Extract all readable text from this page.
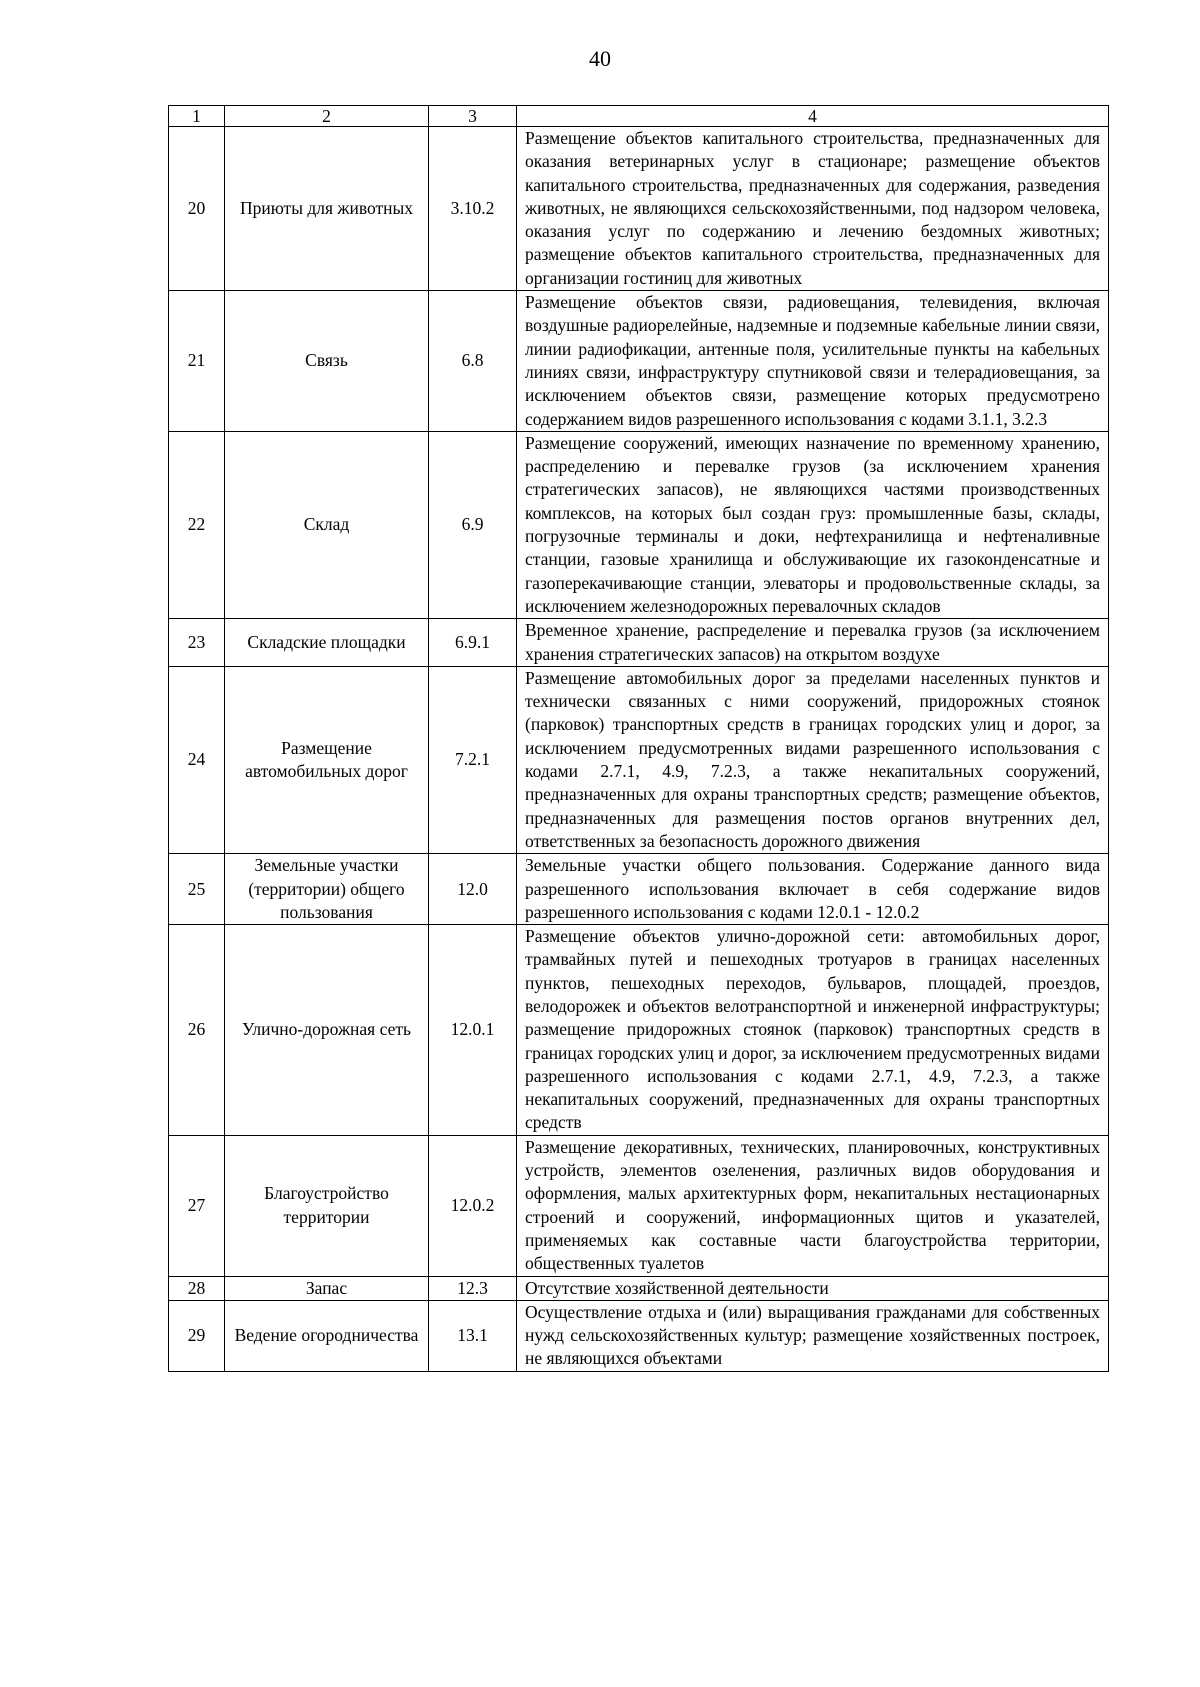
40
1	2	3	4
20	Приюты для животных	3.10.2	Размещение объектов капитального строительства, предназначенных для оказания ветеринарных услуг в стационаре; размещение объектов капитального строительства, предназначенных для содержания, разведения животных, не являющихся сельскохозяйственными, под надзором человека, оказания услуг по содержанию и лечению бездомных животных; размещение объектов капитального строительства, предназначенных для организации гостиниц для животных
21	Связь	6.8	Размещение объектов связи, радиовещания, телевидения, включая воздушные радиорелейные, надземные и подземные кабельные линии связи, линии радиофикации, антенные поля, усилительные пункты на кабельных линиях связи, инфраструктуру спутниковой связи и телерадиовещания, за исключением объектов связи, размещение которых предусмотрено содержанием видов разрешенного использования с кодами 3.1.1, 3.2.3
22	Склад	6.9	Размещение сооружений, имеющих назначение по временному хранению, распределению и перевалке грузов (за исключением хранения стратегических запасов), не являющихся частями производственных комплексов, на которых был создан груз: промышленные базы, склады, погрузочные терминалы и доки, нефтехранилища и нефтеналивные станции, газовые хранилища и обслуживающие их газоконденсатные и газоперекачивающие станции, элеваторы и продовольственные склады, за исключением железнодорожных перевалочных складов
23	Складские площадки	6.9.1	Временное хранение, распределение и перевалка грузов (за исключением хранения стратегических запасов) на открытом воздухе
24	Размещение автомобильных дорог	7.2.1	Размещение автомобильных дорог за пределами населенных пунктов и технически связанных с ними сооружений, придорожных стоянок (парковок) транспортных средств в границах городских улиц и дорог, за исключением предусмотренных видами разрешенного использования с кодами 2.7.1, 4.9, 7.2.3, а также некапитальных сооружений, предназначенных для охраны транспортных средств; размещение объектов, предназначенных для размещения постов органов внутренних дел, ответственных за безопасность дорожного движения
25	Земельные участки (территории) общего пользования	12.0	Земельные участки общего пользования. Содержание данного вида разрешенного использования включает в себя содержание видов разрешенного использования с кодами 12.0.1 - 12.0.2
26	Улично-дорожная сеть	12.0.1	Размещение объектов улично-дорожной сети: автомобильных дорог, трамвайных путей и пешеходных тротуаров в границах населенных пунктов, пешеходных переходов, бульваров, площадей, проездов, велодорожек и объектов велотранспортной и инженерной инфраструктуры; размещение придорожных стоянок (парковок) транспортных средств в границах городских улиц и дорог, за исключением предусмотренных видами разрешенного использования с кодами 2.7.1, 4.9, 7.2.3, а также некапитальных сооружений, предназначенных для охраны транспортных средств
27	Благоустройство территории	12.0.2	Размещение декоративных, технических, планировочных, конструктивных устройств, элементов озеленения, различных видов оборудования и оформления, малых архитектурных форм, некапитальных нестационарных строений и сооружений, информационных щитов и указателей, применяемых как составные части благоустройства территории, общественных туалетов
28	Запас	12.3	Отсутствие хозяйственной деятельности
29	Ведение огородничества	13.1	Осуществление отдыха и (или) выращивания гражданами для собственных нужд сельскохозяйственных культур; размещение хозяйственных построек, не являющихся объектами
